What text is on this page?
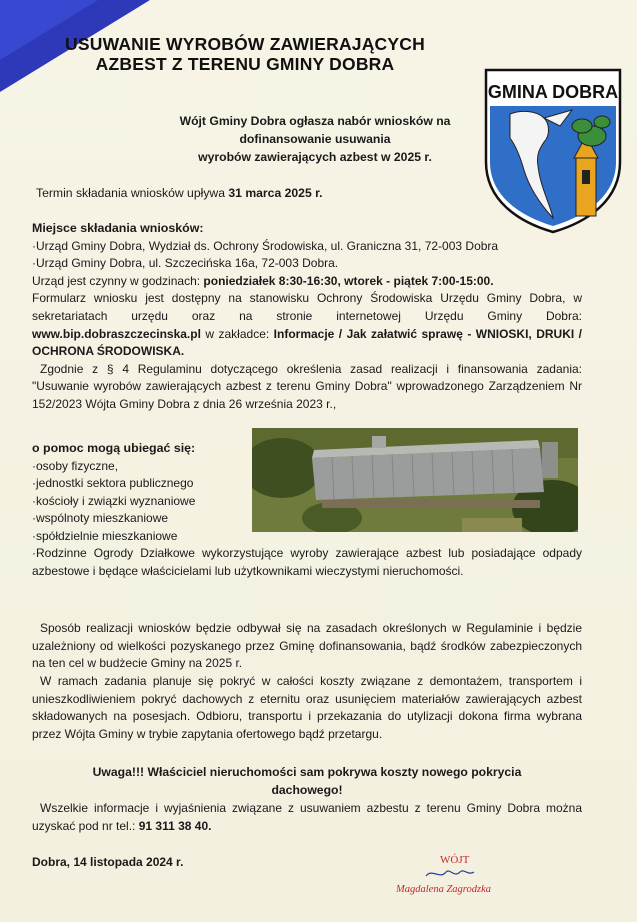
USUWANIE WYROBÓW ZAWIERAJĄCYCH
AZBEST Z TERENU GMINY DOBRA
GMINA DOBRA
Wójt Gminy Dobra ogłasza nabór wniosków na
dofinansowanie usuwania
wyrobów zawierających azbest w 2025 r.
Termin składania wniosków upływa 31 marca 2025 r.
Miejsce składania wniosków:
·Urząd Gminy Dobra, Wydział ds. Ochrony Środowiska, ul. Graniczna 31, 72-003 Dobra
·Urząd Gminy Dobra, ul. Szczecińska 16a, 72-003 Dobra.
Urząd jest czynny w godzinach: poniedziałek 8:30-16:30, wtorek - piątek 7:00-15:00.
Formularz wniosku jest dostępny na stanowisku Ochrony Środowiska Urzędu Gminy Dobra, w sekretariatach urzędu oraz na stronie internetowej Urzędu Gminy Dobra: www.bip.dobraszczecinska.pl w zakładce: Informacje / Jak załatwić sprawę - WNIOSKI, DRUKI / OCHRONA ŚRODOWISKA.
Zgodnie z § 4 Regulaminu dotyczącego określenia zasad realizacji i finansowania zadania: "Usuwanie wyrobów zawierających azbest z terenu Gminy Dobra" wprowadzonego Zarządzeniem Nr 152/2023 Wójta Gminy Dobra z dnia 26 września 2023 r.,
o pomoc mogą ubiegać się:
·osoby fizyczne,
·jednostki sektora publicznego
·kościoły i związki wyznaniowe
·wspólnoty mieszkaniowe
·spółdzielnie mieszkaniowe
·Rodzinne Ogrody Działkowe wykorzystujące wyroby zawierające azbest lub posiadające odpady azbestowe i będące właścicielami lub użytkownikami wieczystymi nieruchomości.
Sposób realizacji wniosków będzie odbywał się na zasadach określonych w Regulaminie i będzie uzależniony od wielkości pozyskanego przez Gminę dofinansowania, bądź środków zabezpieczonych na ten cel w budżecie Gminy na 2025 r.
W ramach zadania planuje się pokryć w całości koszty związane z demontażem, transportem i unieszkodliwieniem pokryć dachowych z eternitu oraz usunięciem materiałów zawierających azbest składowanych na posesjach. Odbioru, transportu i przekazania do utylizacji dokona firma wybrana przez Wójta Gminy w trybie zapytania ofertowego bądź przetargu.
Uwaga!!! Właściciel nieruchomości sam pokrywa koszty nowego pokrycia
dachowego!
Wszelkie informacje i wyjaśnienia związane z usuwaniem azbestu z terenu Gminy Dobra można uzyskać pod nr tel.: 91 311 38 40.
Dobra, 14 listopada 2024 r.	WÓJT
Magdalena Zagrodzka
